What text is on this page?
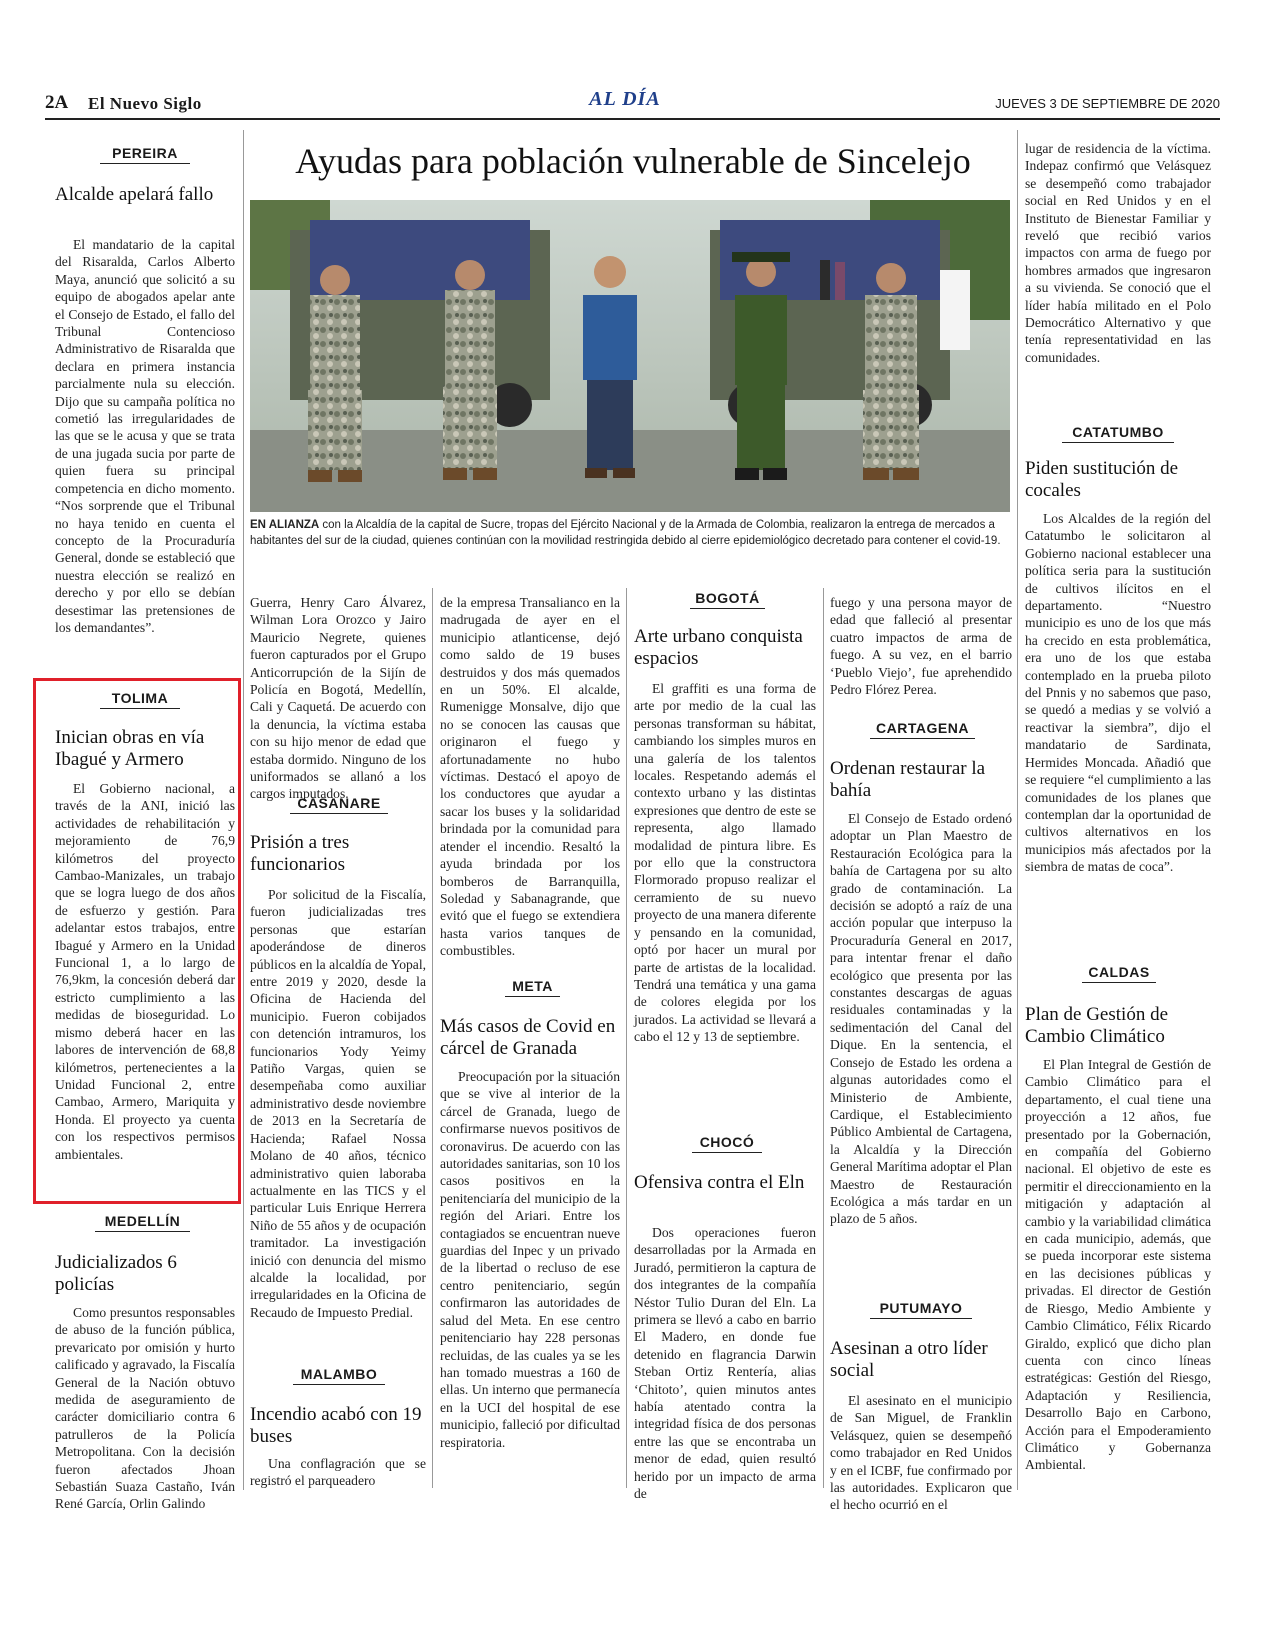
2A El Nuevo Siglo	AL DÍA	JUEVES 3 DE SEPTIEMBRE DE 2020
PEREIRA
Alcalde apelará fallo
El mandatario de la capital del Risaralda, Carlos Alberto Maya, anunció que solicitó a su equipo de abogados apelar ante el Consejo de Estado, el fallo del Tribunal Contencioso Administrativo de Risaralda que declara en primera instancia parcialmente nula su elección. Dijo que su campaña política no cometió las irregularidades de las que se le acusa y que se trata de una jugada sucia por parte de quien fuera su principal competencia en dicho momento. “Nos sorprende que el Tribunal no haya tenido en cuenta el concepto de la Procuraduría General, donde se estableció que nuestra elección se realizó en derecho y por ello se debían desestimar las pretensiones de los demandantes”.
TOLIMA
Inician obras en vía Ibagué y Armero
El Gobierno nacional, a través de la ANI, inició las actividades de rehabilitación y mejoramiento de 76,9 kilómetros del proyecto Cambao-Manizales, un trabajo que se logra luego de dos años de esfuerzo y gestión. Para adelantar estos trabajos, entre Ibagué y Armero en la Unidad Funcional 1, a lo largo de 76,9km, la concesión deberá dar estricto cumplimiento a las medidas de bioseguridad. Lo mismo deberá hacer en las labores de intervención de 68,8 kilómetros, pertenecientes a la Unidad Funcional 2, entre Cambao, Armero, Mariquita y Honda. El proyecto ya cuenta con los respectivos permisos ambientales.
MEDELLÍN
Judicializados 6 policías
Como presuntos responsables de abuso de la función pública, prevaricato por omisión y hurto calificado y agravado, la Fiscalía General de la Nación obtuvo medida de aseguramiento de carácter domiciliario contra 6 patrulleros de la Policía Metropolitana. Con la decisión fueron afectados Jhoan Sebastián Suaza Castaño, Iván René García, Orlin Galindo
Ayudas para población vulnerable de Sincelejo
EN ALIANZA con la Alcaldía de la capital de Sucre, tropas del Ejército Nacional y de la Armada de Colombia, realizaron la entrega de mercados a habitantes del sur de la ciudad, quienes continúan con la movilidad restringida debido al cierre epidemiológico decretado para contener el covid-19.
Guerra, Henry Caro Álvarez, Wilman Lora Orozco y Jairo Mauricio Negrete, quienes fueron capturados por el Grupo Anticorrupción de la Sijín de Policía en Bogotá, Medellín, Cali y Caquetá. De acuerdo con la denuncia, la víctima estaba con su hijo menor de edad que estaba dormido. Ninguno de los uniformados se allanó a los cargos imputados.
CASANARE
Prisión a tres funcionarios
Por solicitud de la Fiscalía, fueron judicializadas tres personas que estarían apoderándose de dineros públicos en la alcaldía de Yopal, entre 2019 y 2020, desde la Oficina de Hacienda del municipio. Fueron cobijados con detención intramuros, los funcionarios Yody Yeimy Patiño Vargas, quien se desempeñaba como auxiliar administrativo desde noviembre de 2013 en la Secretaría de Hacienda; Rafael Nossa Molano de 40 años, técnico administrativo quien laboraba actualmente en las TICS y el particular Luis Enrique Herrera Niño de 55 años y de ocupación tramitador. La investigación inició con denuncia del mismo alcalde la localidad, por irregularidades en la Oficina de Recaudo de Impuesto Predial.
MALAMBO
Incendio acabó con 19 buses
Una conflagración que se registró el parqueadero
de la empresa Transalianco en la madrugada de ayer en el municipio atlanticense, dejó como saldo de 19 buses destruidos y dos más quemados en un 50%. El alcalde, Rumenigge Monsalve, dijo que no se conocen las causas que originaron el fuego y afortunadamente no hubo víctimas. Destacó el apoyo de los conductores que ayudar a sacar los buses y la solidaridad brindada por la comunidad para atender el incendio. Resaltó la ayuda brindada por los bomberos de Barranquilla, Soledad y Sabanagrande, que evitó que el fuego se extendiera hasta varios tanques de combustibles.
META
Más casos de Covid en cárcel de Granada
Preocupación por la situación que se vive al interior de la cárcel de Granada, luego de confirmarse nuevos positivos de coronavirus. De acuerdo con las autoridades sanitarias, son 10 los casos positivos en la penitenciaría del municipio de la región del Ariari. Entre los contagiados se encuentran nueve guardias del Inpec y un privado de la libertad o recluso de ese centro penitenciario, según confirmaron las autoridades de salud del Meta. En ese centro penitenciario hay 228 personas recluidas, de las cuales ya se les han tomado muestras a 160 de ellas. Un interno que permanecía en la UCI del hospital de ese municipio, falleció por dificultad respiratoria.
BOGOTÁ
Arte urbano conquista espacios
El graffiti es una forma de arte por medio de la cual las personas transforman su hábitat, cambiando los simples muros en una galería de los talentos locales. Respetando además el contexto urbano y las distintas expresiones que dentro de este se representa, algo llamado modalidad de pintura libre. Es por ello que la constructora Flormorado propuso realizar el cerramiento de su nuevo proyecto de una manera diferente y pensando en la comunidad, optó por hacer un mural por parte de artistas de la localidad. Tendrá una temática y una gama de colores elegida por los jurados. La actividad se llevará a cabo el 12 y 13 de septiembre.
CHOCÓ
Ofensiva contra el Eln
Dos operaciones fueron desarrolladas por la Armada en Juradó, permitieron la captura de dos integrantes de la compañía Néstor Tulio Duran del Eln. La primera se llevó a cabo en barrio El Madero, en donde fue detenido en flagrancia Darwin Steban Ortiz Rentería, alias ‘Chitoto’, quien minutos antes había atentado contra la integridad física de dos personas entre las que se encontraba un menor de edad, quien resultó herido por un impacto de arma de
fuego y una persona mayor de edad que falleció al presentar cuatro impactos de arma de fuego. A su vez, en el barrio ‘Pueblo Viejo’, fue aprehendido Pedro Flórez Perea.
CARTAGENA
Ordenan restaurar la bahía
El Consejo de Estado ordenó adoptar un Plan Maestro de Restauración Ecológica para la bahía de Cartagena por su alto grado de contaminación. La decisión se adoptó a raíz de una acción popular que interpuso la Procuraduría General en 2017, para intentar frenar el daño ecológico que presenta por las constantes descargas de aguas residuales contaminadas y la sedimentación del Canal del Dique. En la sentencia, el Consejo de Estado les ordena a algunas autoridades como el Ministerio de Ambiente, Cardique, el Establecimiento Público Ambiental de Cartagena, la Alcaldía y la Dirección General Marítima adoptar el Plan Maestro de Restauración Ecológica a más tardar en un plazo de 5 años.
PUTUMAYO
Asesinan a otro líder social
El asesinato en el municipio de San Miguel, de Franklin Velásquez, quien se desempeñó como trabajador en Red Unidos y en el ICBF, fue confirmado por las autoridades. Explicaron que el hecho ocurrió en el
lugar de residencia de la víctima. Indepaz confirmó que Velásquez se desempeñó como trabajador social en Red Unidos y en el Instituto de Bienestar Familiar y reveló que recibió varios impactos con arma de fuego por hombres armados que ingresaron a su vivienda. Se conoció que el líder había militado en el Polo Democrático Alternativo y que tenía representatividad en las comunidades.
CATATUMBO
Piden sustitución de cocales
Los Alcaldes de la región del Catatumbo le solicitaron al Gobierno nacional establecer una política seria para la sustitución de cultivos ilícitos en el departamento. “Nuestro municipio es uno de los que más ha crecido en esta problemática, era uno de los que estaba contemplado en la prueba piloto del Pnnis y no sabemos que paso, se quedó a medias y se volvió a reactivar la siembra”, dijo el mandatario de Sardinata, Hermides Moncada. Añadió que se requiere “el cumplimiento a las comunidades de los planes que contemplan dar la oportunidad de cultivos alternativos en los municipios más afectados por la siembra de matas de coca”.
CALDAS
Plan de Gestión de Cambio Climático
El Plan Integral de Gestión de Cambio Climático para el departamento, el cual tiene una proyección a 12 años, fue presentado por la Gobernación, en compañía del Gobierno nacional. El objetivo de este es permitir el direccionamiento en la mitigación y adaptación al cambio y la variabilidad climática en cada municipio, además, que se pueda incorporar este sistema en las decisiones públicas y privadas. El director de Gestión de Riesgo, Medio Ambiente y Cambio Climático, Félix Ricardo Giraldo, explicó que dicho plan cuenta con cinco líneas estratégicas: Gestión del Riesgo, Adaptación y Resiliencia, Desarrollo Bajo en Carbono, Acción para el Empoderamiento Climático y Gobernanza Ambiental.
